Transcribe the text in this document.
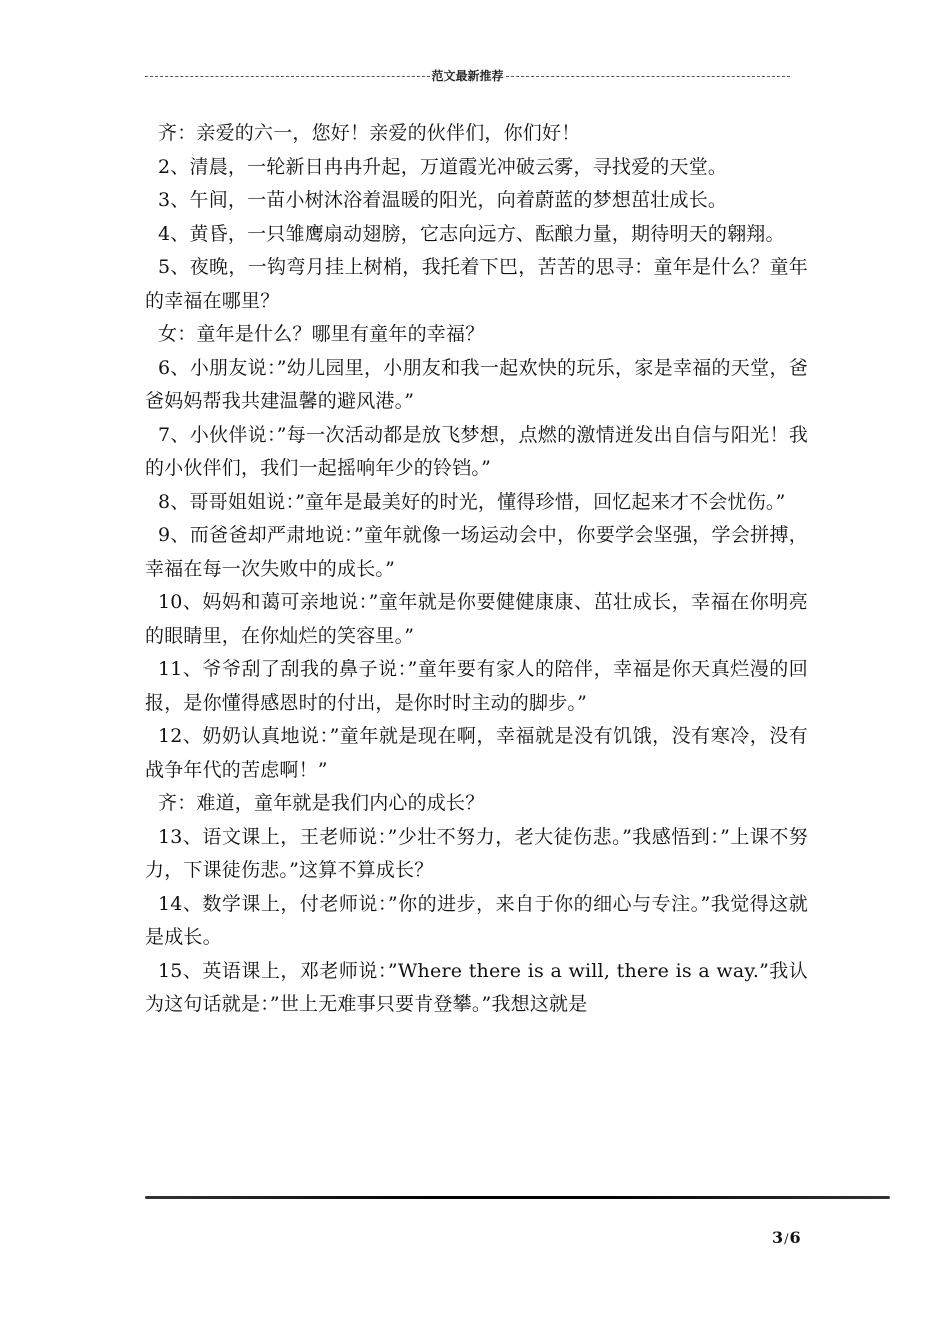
范文最新推荐

齐：亲爱的六一，您好！亲爱的伙伴们，你们好！

2、清晨，一轮新日冉冉升起，万道霞光冲破云雾，寻找爱的天堂。

3、午间，一苗小树沐浴着温暖的阳光，向着蔚蓝的梦想茁壮成长。

4、黄昏，一只雏鹰扇动翅膀，它志向远方、酝酿力量，期待明天的翱翔。

5、夜晚，一钩弯月挂上树梢，我托着下巴，苦苦的思寻：童年是什么？童年的幸福在哪里？

女：童年是什么？哪里有童年的幸福？

6、小朋友说：”幼儿园里，小朋友和我一起欢快的玩乐，家是幸福的天堂，爸爸妈妈帮我共建温馨的避风港。”

7、小伙伴说：”每一次活动都是放飞梦想，点燃的激情迸发出自信与阳光！我的小伙伴们，我们一起摇响年少的铃铛。”

8、哥哥姐姐说：”童年是最美好的时光，懂得珍惜，回忆起来才不会忧伤。”

9、而爸爸却严肃地说：”童年就像一场运动会中，你要学会坚强，学会拼搏，幸福在每一次失败中的成长。”

10、妈妈和蔼可亲地说：”童年就是你要健健康康、茁壮成长，幸福在你明亮的眼睛里，在你灿烂的笑容里。”

11、爷爷刮了刮我的鼻子说：”童年要有家人的陪伴，幸福是你天真烂漫的回报，是你懂得感恩时的付出，是你时时主动的脚步。”

12、奶奶认真地说：”童年就是现在啊，幸福就是没有饥饿，没有寒冷，没有战争年代的苦虑啊！”

齐：难道，童年就是我们内心的成长？

13、语文课上，王老师说：”少壮不努力，老大徒伤悲。”我感悟到：”上课不努力，下课徒伤悲。”这算不算成长？

14、数学课上，付老师说：”你的进步，来自于你的细心与专注。”我觉得这就是成长。

15、英语课上，邓老师说：”Where there is a will, there is a way.”我认为这句话就是：”世上无难事只要肯登攀。”我想这就是

3/6
